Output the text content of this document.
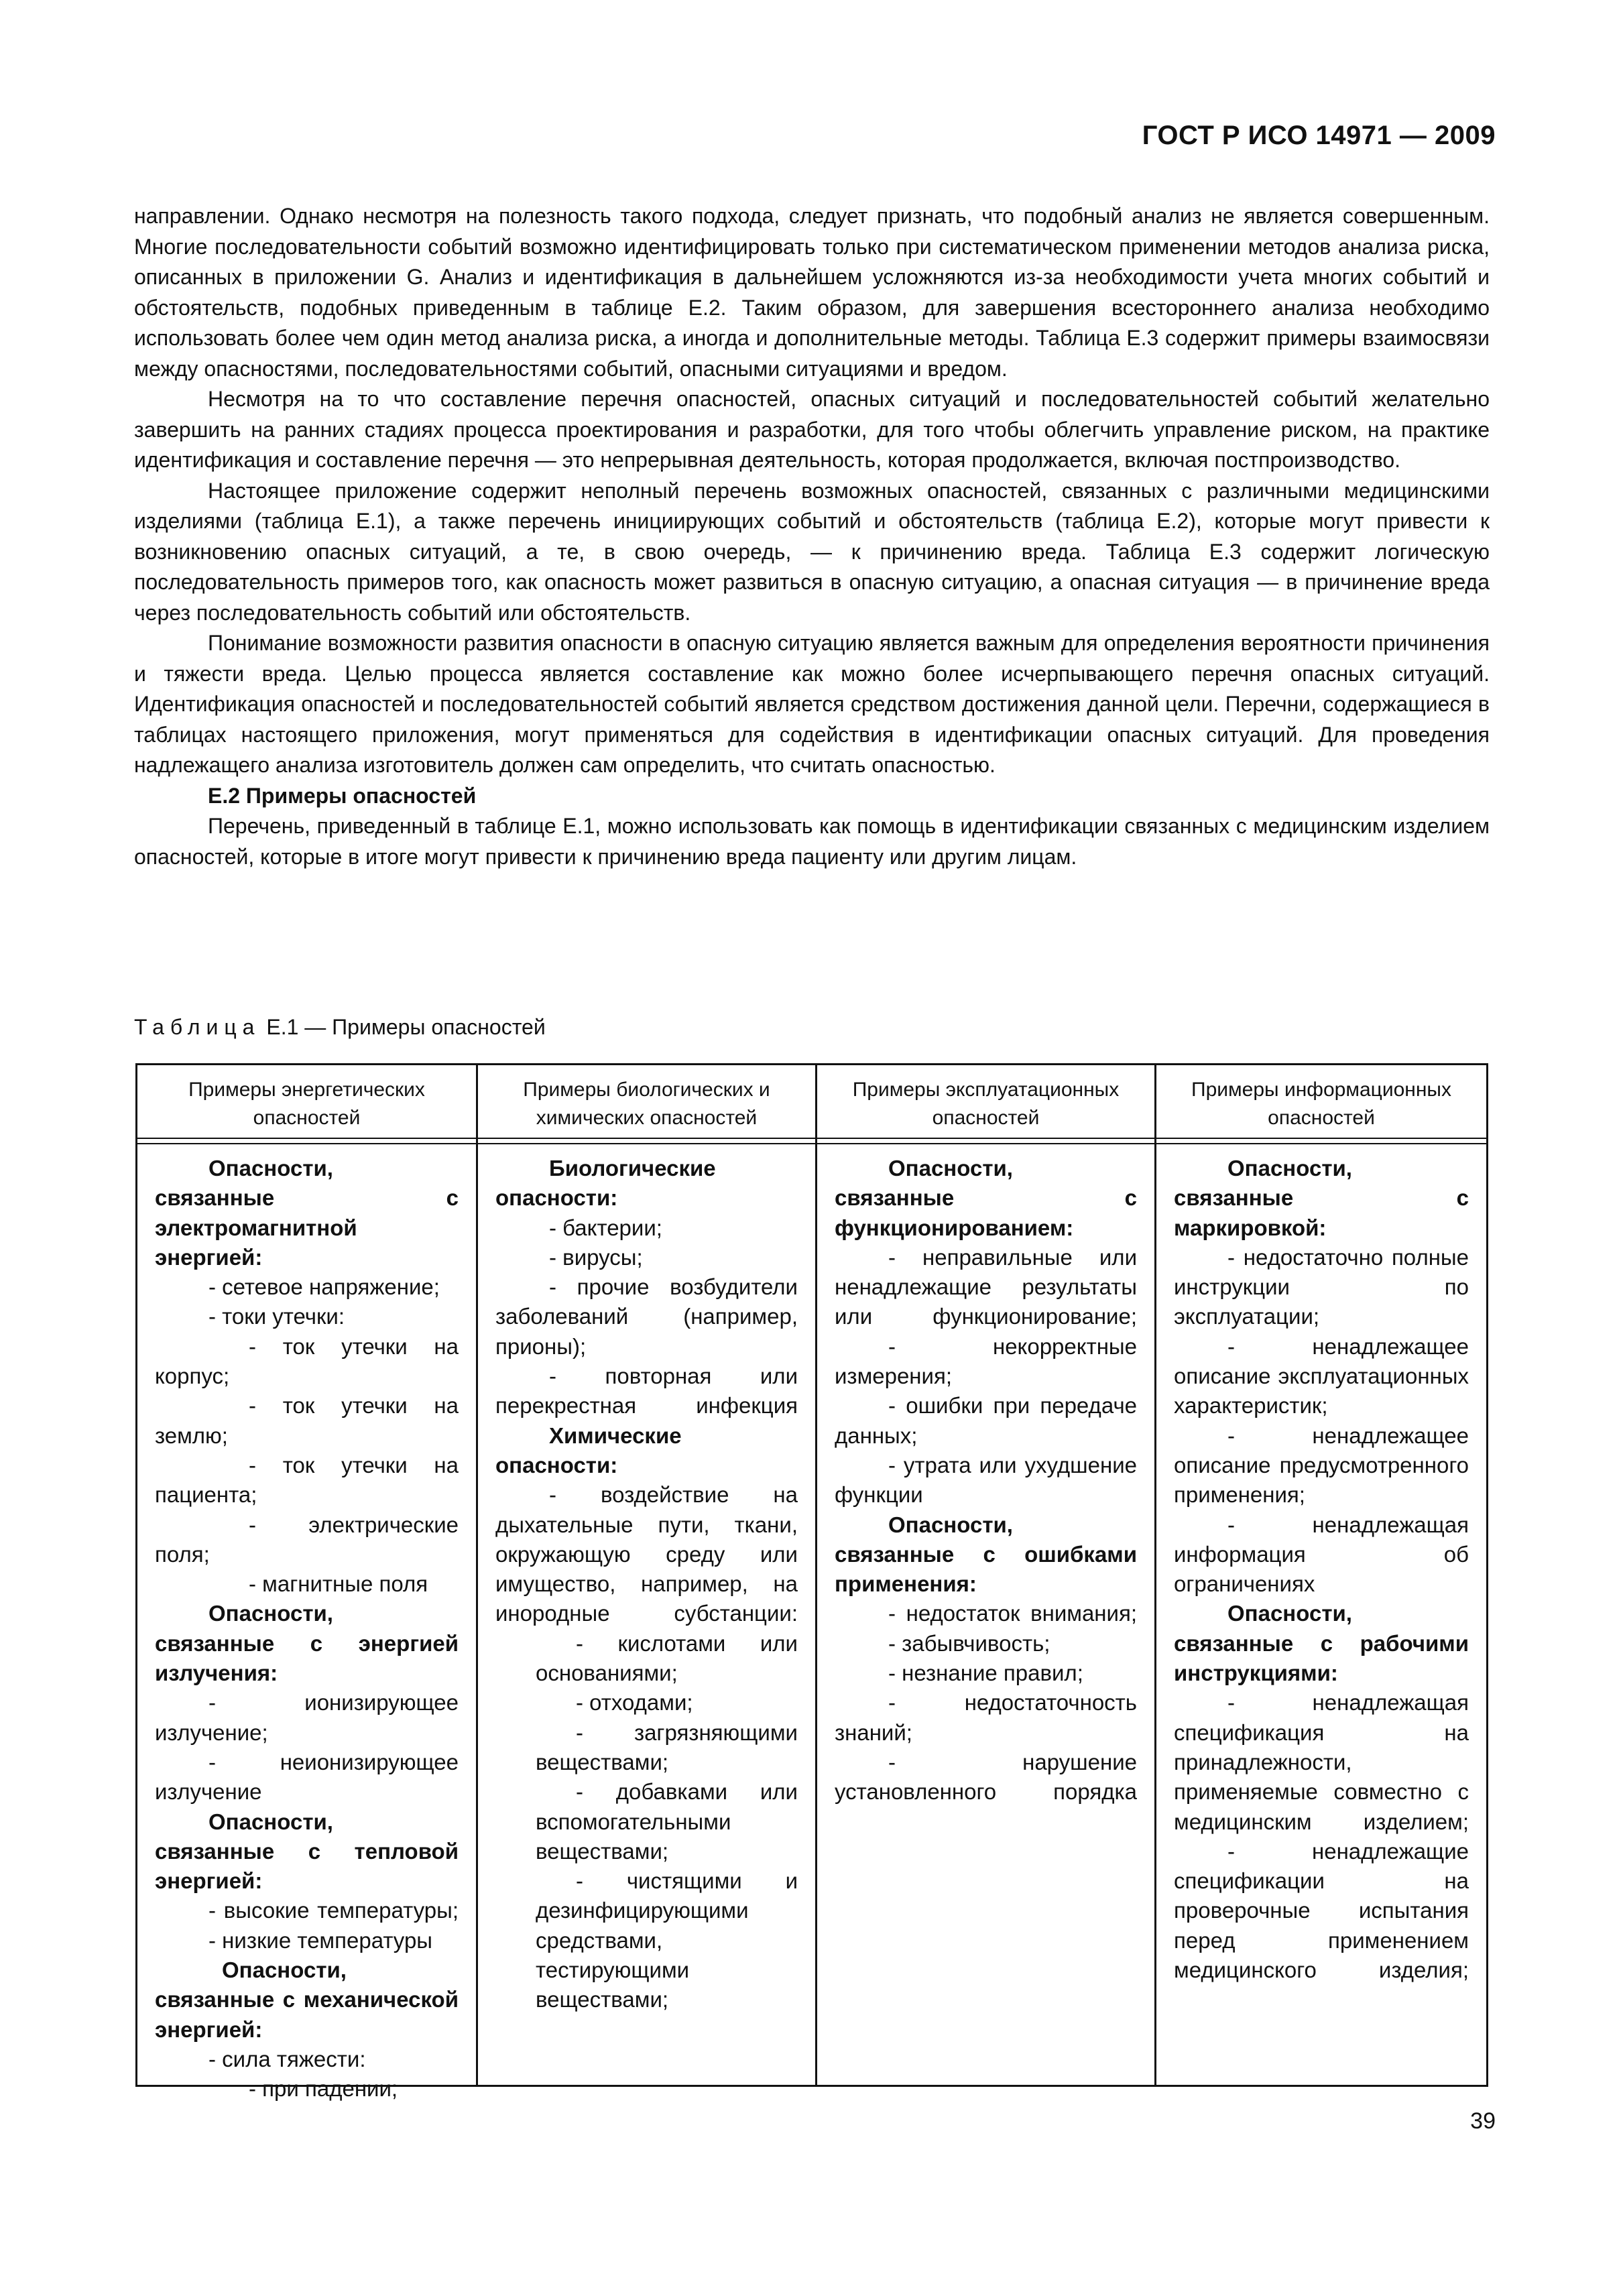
ГОСТ Р ИСО 14971 — 2009

направлении. Однако несмотря на полезность такого подхода, следует признать, что подобный анализ не является совершенным. Многие последовательности событий возможно идентифицировать только при систематическом применении методов анализа риска, описанных в приложении G. Анализ и идентификация в дальнейшем усложняются из-за необходимости учета многих событий и обстоятельств, подобных приведенным в таблице Е.2. Таким образом, для завершения всестороннего анализа необходимо использовать более чем один метод анализа риска, а иногда и дополнительные методы. Таблица Е.3 содержит примеры взаимосвязи между опасностями, последовательностями событий, опасными ситуациями и вредом.

Несмотря на то что составление перечня опасностей, опасных ситуаций и последовательностей событий желательно завершить на ранних стадиях процесса проектирования и разработки, для того чтобы облегчить управление риском, на практике идентификация и составление перечня — это непрерывная деятельность, которая продолжается, включая постпроизводство.

Настоящее приложение содержит неполный перечень возможных опасностей, связанных с различными медицинскими изделиями (таблица Е.1), а также перечень инициирующих событий и обстоятельств (таблица Е.2), которые могут привести к возникновению опасных ситуаций, а те, в свою очередь, — к причинению вреда. Таблица Е.3 содержит логическую последовательность примеров того, как опасность может развиться в опасную ситуацию, а опасная ситуация — в причинение вреда через последовательность событий или обстоятельств.

Понимание возможности развития опасности в опасную ситуацию является важным для определения вероятности причинения и тяжести вреда. Целью процесса является составление как можно более исчерпывающего перечня опасных ситуаций. Идентификация опасностей и последовательностей событий является средством достижения данной цели. Перечни, содержащиеся в таблицах настоящего приложения, могут применяться для содействия в идентификации опасных ситуаций. Для проведения надлежащего анализа изготовитель должен сам определить, что считать опасностью.

Е.2 Примеры опасностей

Перечень, приведенный в таблице Е.1, можно использовать как помощь в идентификации связанных с медицинским изделием опасностей, которые в итоге могут привести к причинению вреда пациенту или другим лицам.

Таблица Е.1 — Примеры опасностей
Примеры энергетических опасностей
Опасности, связанные с электромагнитной энергией:
- сетевое напряжение;
- токи утечки:
- ток утечки на корпус;
- ток утечки на землю;
- ток утечки на пациента;
- электрические поля;
- магнитные поля
Опасности, связанные с энергией излучения:
- ионизирующее излучение;
- неионизирующее излучение
Опасности, связанные с тепловой энергией:
- высокие температуры;
- низкие температуры
Опасности, связанные с механической энергией:
- сила тяжести:
- при падении;
Примеры биологических и химических опасностей
Биологические опасности:
- бактерии;
- вирусы;
- прочие возбудители заболеваний (например, прионы);
- повторная или перекрестная инфекция
Химические опасности:
- воздействие на дыхательные пути, ткани, окружающую среду или имущество, например, на инородные субстанции:
- кислотами или основаниями;
- отходами;
- загрязняющими веществами;
- добавками или вспомогательными веществами;
- чистящими и дезинфицирующими средствами, тестирующими веществами;
Примеры эксплуатационных опасностей
Опасности, связанные с функционированием:
- неправильные или ненадлежащие результаты или функционирование;
- некорректные измерения;
- ошибки при передаче данных;
- утрата или ухудшение функции
Опасности, связанные с ошибками применения:
- недостаток внимания;
- забывчивость;
- незнание правил;
- недостаточность знаний;
- нарушение установленного порядка
Примеры информационных опасностей
Опасности, связанные с маркировкой:
- недостаточно полные инструкции по эксплуатации;
- ненадлежащее описание эксплуатационных характеристик;
- ненадлежащее описание предусмотренного применения;
- ненадлежащая информация об ограничениях
Опасности, связанные с рабочими инструкциями:
- ненадлежащая спецификация на принадлежности, применяемые совместно с медицинским изделием;
- ненадлежащие спецификации на проверочные испытания перед применением медицинского изделия;
39
